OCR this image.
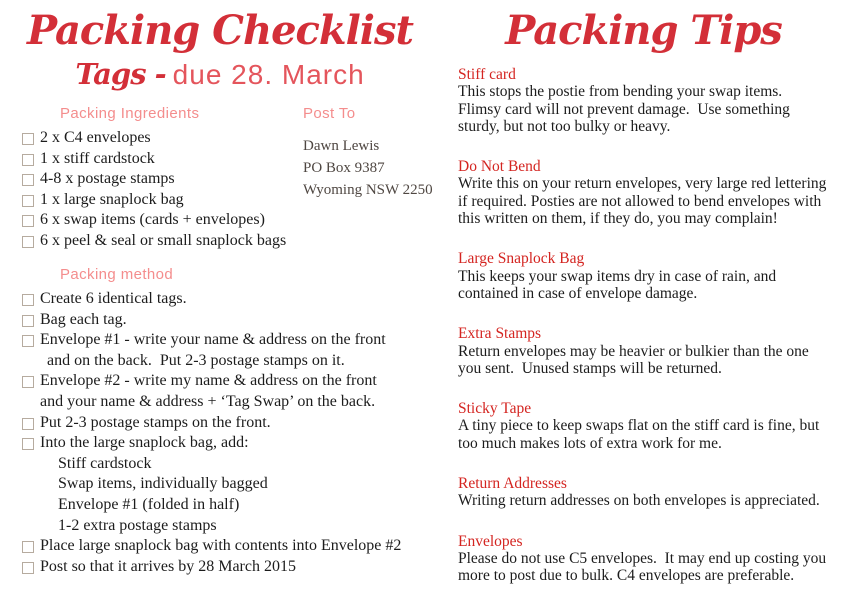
Packing Checklist
Tags - due 28. March
Packing Ingredients
2 x C4 envelopes
1 x stiff cardstock
4-8 x postage stamps
1 x large snaplock bag
6 x swap items (cards + envelopes)
6 x peel & seal or small snaplock bags
Post To
Dawn Lewis
PO Box 9387
Wyoming NSW 2250
Packing method
Create 6 identical tags.
Bag each tag.
Envelope #1 - write your name & address on the front
and on the back.  Put 2-3 postage stamps on it.
Envelope #2 - write my name & address on the front
and your name & address + ‘Tag Swap’ on the back.
Put 2-3 postage stamps on the front.
Into the large snaplock bag, add:
Stiff cardstock
Swap items, individually bagged
Envelope #1 (folded in half)
1-2 extra postage stamps
Place large snaplock bag with contents into Envelope #2
Post so that it arrives by 28 March 2015
Packing Tips
Stiff card
This stops the postie from bending your swap items.
Flimsy card will not prevent damage.  Use something
sturdy, but not too bulky or heavy.
Do Not Bend
Write this on your return envelopes, very large red lettering
if required. Posties are not allowed to bend envelopes with
this written on them, if they do, you may complain!
Large Snaplock Bag
This keeps your swap items dry in case of rain, and
contained in case of envelope damage.
Extra Stamps
Return envelopes may be heavier or bulkier than the one
you sent.  Unused stamps will be returned.
Sticky Tape
A tiny piece to keep swaps flat on the stiff card is fine, but
too much makes lots of extra work for me.
Return Addresses
Writing return addresses on both envelopes is appreciated.
Envelopes
Please do not use C5 envelopes.  It may end up costing you
more to post due to bulk. C4 envelopes are preferable.
